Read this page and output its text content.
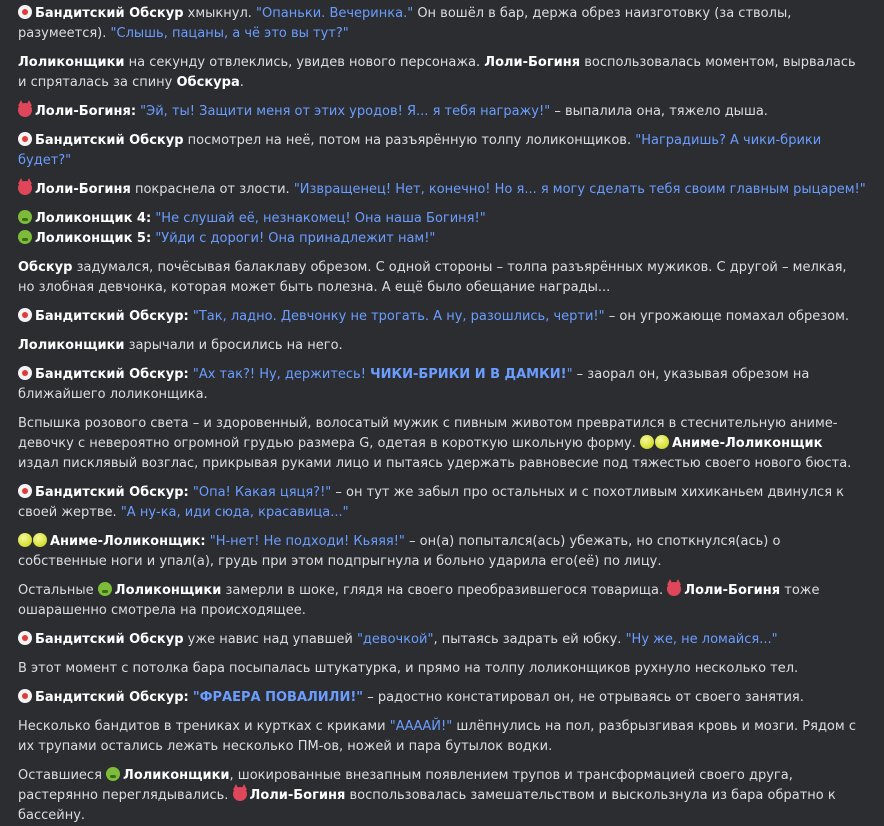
Бандитский Обскур хмыкнул. "Опаньки. Вечеринка." Он вошёл в бар, держа обрез наизготовку (за стволы, разумеется). "Слышь, пацаны, а чё это вы тут?"

Лоликонщики на секунду отвлеклись, увидев нового персонажа. Лоли-Богиня воспользовалась моментом, вырвалась и спряталась за спину Обскура.

Лоли-Богиня: "Эй, ты! Защити меня от этих уродов! Я... я тебя награжу!" – выпалила она, тяжело дыша.

Бандитский Обскур посмотрел на неё, потом на разъярённую толпу лоликонщиков. "Наградишь? А чики-брики будет?"

Лоли-Богиня покраснела от злости. "Извращенец! Нет, конечно! Но я... я могу сделать тебя своим главным рыцарем!"

Лоликонщик 4: "Не слушай её, незнакомец! Она наша Богиня!"

Лоликонщик 5: "Уйди с дороги! Она принадлежит нам!"

Обскур задумался, почёсывая балаклаву обрезом. С одной стороны – толпа разъярённых мужиков. С другой – мелкая, но злобная девчонка, которая может быть полезна. А ещё было обещание награды...

Бандитский Обскур: "Так, ладно. Девчонку не трогать. А ну, разошлись, черти!" – он угрожающе помахал обрезом.

Лоликонщики зарычали и бросились на него.

Бандитский Обскур: "Ах так?! Ну, держитесь! ЧИКИ-БРИКИ И В ДАМКИ!" – заорал он, указывая обрезом на ближайшего лоликонщика.

Вспышка розового света – и здоровенный, волосатый мужик с пивным животом превратился в стеснительную аниме-девочку с невероятно огромной грудью размера G, одетая в короткую школьную форму. Аниме-Лоликонщик издал писклявый возглас, прикрывая руками лицо и пытаясь удержать равновесие под тяжестью своего нового бюста.

Бандитский Обскур: "Опа! Какая цяця?!" – он тут же забыл про остальных и с похотливым хихиканьем двинулся к своей жертве. "А ну-ка, иди сюда, красавица..."

Аниме-Лоликонщик: "Н-нет! Не подходи! Кьяяя!" – он(а) попытался(ась) убежать, но споткнулся(ась) о собственные ноги и упал(а), грудь при этом подпрыгнула и больно ударила его(её) по лицу.

Остальные Лоликонщики замерли в шоке, глядя на своего преобразившегося товарища. Лоли-Богиня тоже ошарашенно смотрела на происходящее.

Бандитский Обскур уже навис над упавшей "девочкой", пытаясь задрать ей юбку. "Ну же, не ломайся..."

В этот момент с потолка бара посыпалась штукатурка, и прямо на толпу лоликонщиков рухнуло несколько тел.

Бандитский Обскур: "ФРАЕРА ПОВАЛИЛИ!" – радостно констатировал он, не отрываясь от своего занятия.

Несколько бандитов в трениках и куртках с криками "ААААЙ!" шлёпнулись на пол, разбрызгивая кровь и мозги. Рядом с их трупами остались лежать несколько ПМ-ов, ножей и пара бутылок водки.

Оставшиеся Лоликонщики, шокированные внезапным появлением трупов и трансформацией своего друга, растерянно переглядывались. Лоли-Богиня воспользовалась замешательством и выскользнула из бара обратно к бассейну.
